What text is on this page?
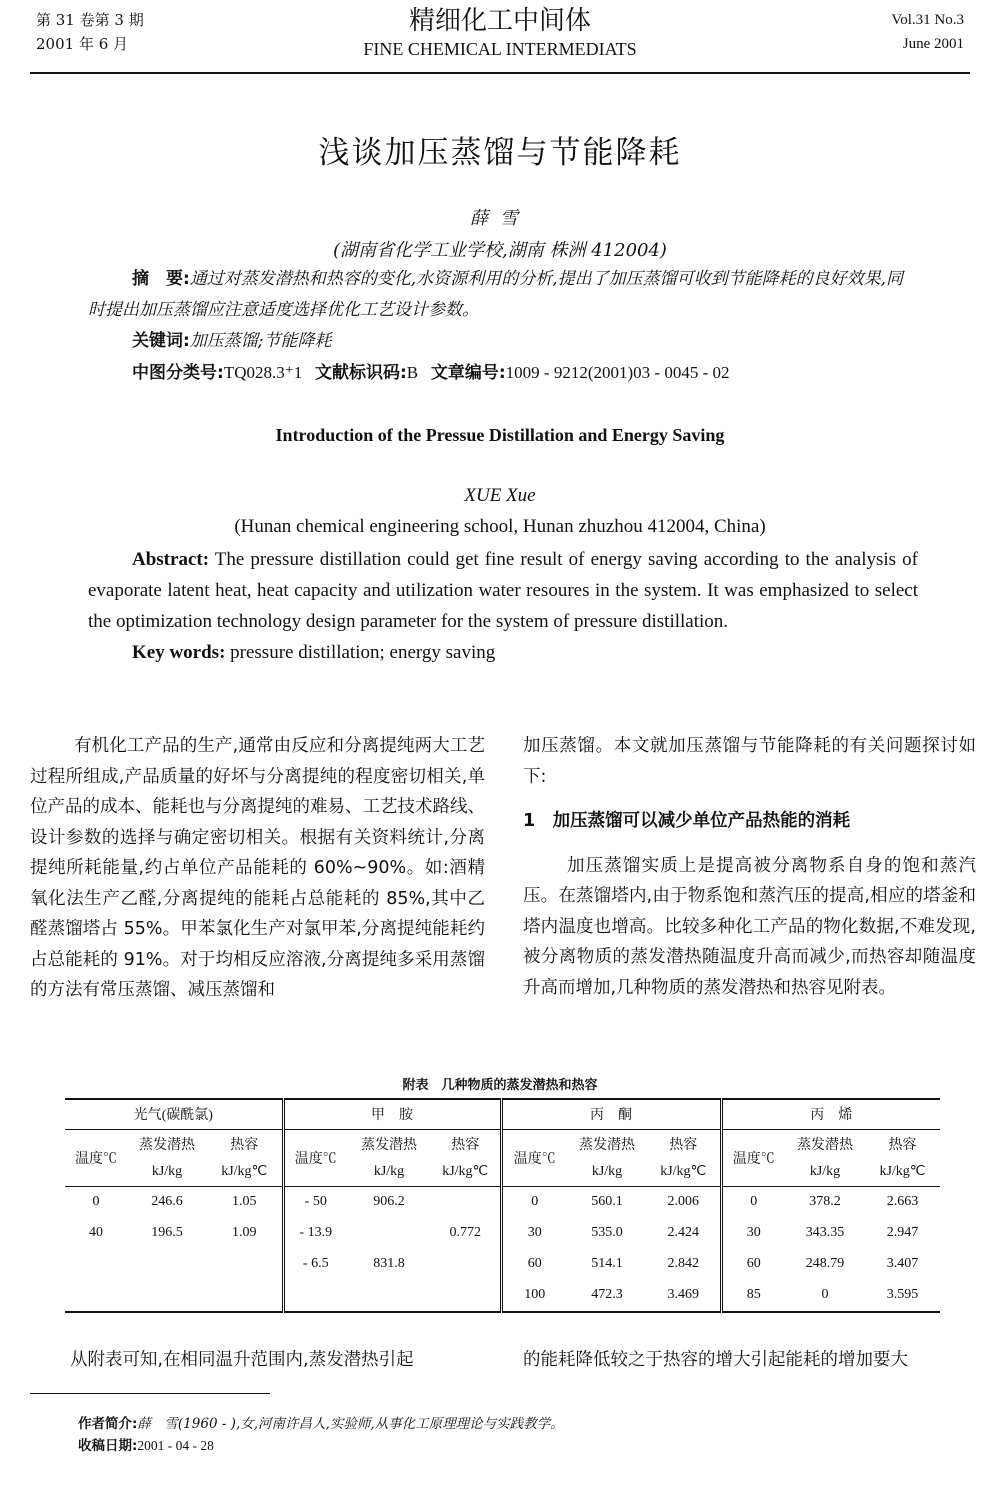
第 31 卷第 3 期
2001 年 6 月
精细化工中间体
FINE CHEMICAL INTERMEDIATS
Vol.31 No.3
June 2001
浅谈加压蒸馏与节能降耗
薛雪
(湖南省化学工业学校,湖南 株洲 412004)

摘　要:通过对蒸发潜热和热容的变化,水资源利用的分析,提出了加压蒸馏可收到节能降耗的良好效果,同时提出加压蒸馏应注意适度选择优化工艺设计参数。

关键词:加压蒸馏;节能降耗

中图分类号:TQ028.3⁺1 文献标识码:B 文章编号:1009 - 9212(2001)03 - 0045 - 02

Introduction of the Pressue Distillation and Energy Saving
XUE Xue
(Hunan chemical engineering school, Hunan zhuzhou 412004, China)

Abstract: The pressure distillation could get fine result of energy saving according to the analysis of evaporate latent heat, heat capacity and utilization water resoures in the system. It was emphasized to select the optimization technology design parameter for the system of pressure distillation.

Key words: pressure distillation; energy saving

有机化工产品的生产,通常由反应和分离提纯两大工艺过程所组成,产品质量的好坏与分离提纯的程度密切相关,单位产品的成本、能耗也与分离提纯的难易、工艺技术路线、设计参数的选择与确定密切相关。根据有关资料统计,分离提纯所耗能量,约占单位产品能耗的 60%~90%。如:酒精氧化法生产乙醛,分离提纯的能耗占总能耗的 85%,其中乙醛蒸馏塔占 55%。甲苯氯化生产对氯甲苯,分离提纯能耗约占总能耗的 91%。对于均相反应溶液,分离提纯多采用蒸馏的方法有常压蒸馏、减压蒸馏和

加压蒸馏。本文就加压蒸馏与节能降耗的有关问题探讨如下:

1　加压蒸馏可以减少单位产品热能的消耗

加压蒸馏实质上是提高被分离物系自身的饱和蒸汽压。在蒸馏塔内,由于物系饱和蒸汽压的提高,相应的塔釜和塔内温度也增高。比较多种化工产品的物化数据,不难发现,被分离物质的蒸发潜热随温度升高而减少,而热容却随温度升高而增加,几种物质的蒸发潜热和热容见附表。

附表　几种物质的蒸发潜热和热容
光气(碳酰氯)			甲　胺			丙　酮			丙　烯		
温度℃	蒸发潜热	热容	温度℃	蒸发潜热	热容	温度℃	蒸发潜热	热容	温度℃	蒸发潜热	热容
	kJ/kg	kJ/kg℃		kJ/kg	kJ/kg℃		kJ/kg	kJ/kg℃		kJ/kg	kJ/kg℃
0	246.6	1.05	- 50	906.2		0	560.1	2.006	0	378.2	2.663
40	196.5	1.09	- 13.9		0.772	30	535.0	2.424	30	343.35	2.947
			- 6.5	831.8		60	514.1	2.842	60	248.79	3.407
						100	472.3	3.469	85	0	3.595
从附表可知,在相同温升范围内,蒸发潜热引起	的能耗降低较之于热容的增大引起能耗的增加要大
作者简介:薛　雪(1960 - ),女,河南许昌人,实验师,从事化工原理理论与实践教学。
收稿日期:2001 - 04 - 28
